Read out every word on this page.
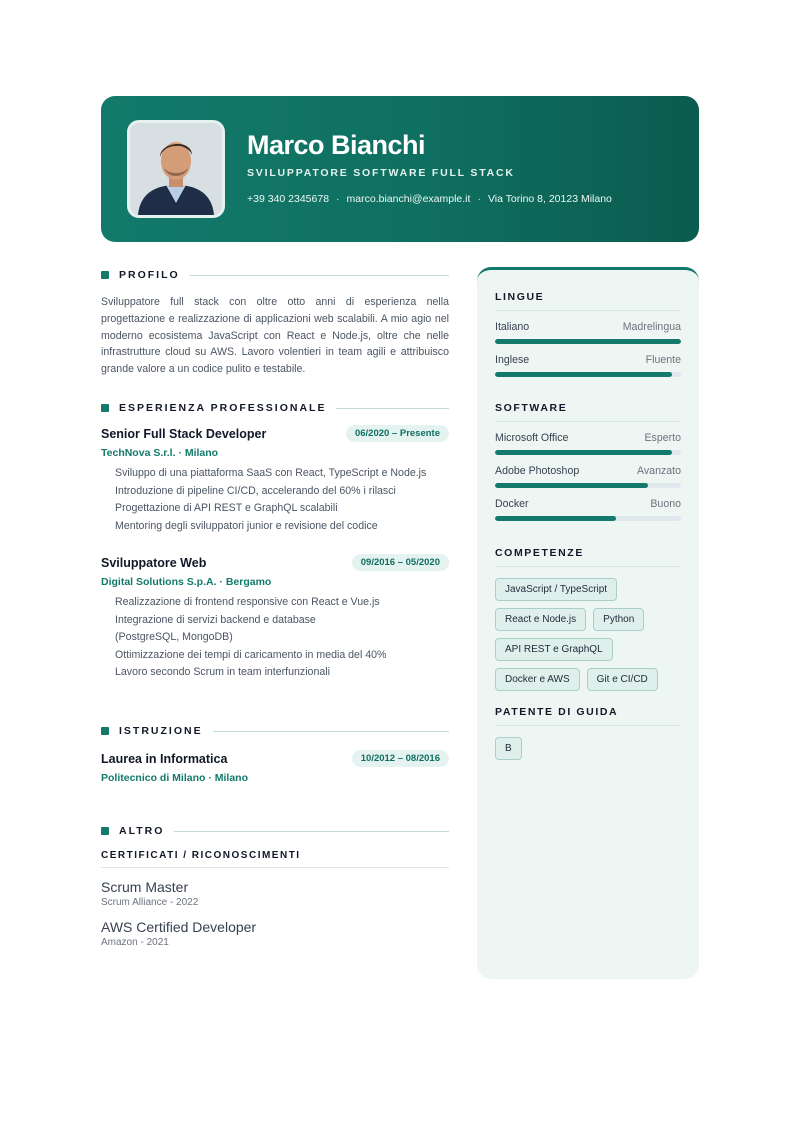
Marco Bianchi
SVILUPPATORE SOFTWARE FULL STACK
+39 340 2345678 · marco.bianchi@example.it · Via Torino 8, 20123 Milano
PROFILO
Sviluppatore full stack con oltre otto anni di esperienza nella progettazione e realizzazione di applicazioni web scalabili. A mio agio nel moderno ecosistema JavaScript con React e Node.js, oltre che nelle infrastrutture cloud su AWS. Lavoro volentieri in team agili e attribuisco grande valore a un codice pulito e testabile.
ESPERIENZA PROFESSIONALE
Senior Full Stack Developer	06/2020 – Presente
TechNova S.r.l. · Milano
Sviluppo di una piattaforma SaaS con React, TypeScript e Node.js
Introduzione di pipeline CI/CD, accelerando del 60% i rilasci
Progettazione di API REST e GraphQL scalabili
Mentoring degli sviluppatori junior e revisione del codice
Sviluppatore Web	09/2016 – 05/2020
Digital Solutions S.p.A. · Bergamo
Realizzazione di frontend responsive con React e Vue.js
Integrazione di servizi backend e database (PostgreSQL, MongoDB)
Ottimizzazione dei tempi di caricamento in media del 40%
Lavoro secondo Scrum in team interfunzionali
ISTRUZIONE
Laurea in Informatica	10/2012 – 08/2016
Politecnico di Milano · Milano
ALTRO
CERTIFICATI / RICONOSCIMENTI
Scrum Master
Scrum Alliance - 2022
AWS Certified Developer
Amazon - 2021
LINGUE
Italiano	Madrelingua
Inglese	Fluente
SOFTWARE
Microsoft Office	Esperto
Adobe Photoshop	Avanzato
Docker	Buono
COMPETENZE
JavaScript / TypeScript
React e Node.js	Python
API REST e GraphQL
Docker e AWS	Git e CI/CD
PATENTE DI GUIDA
B
